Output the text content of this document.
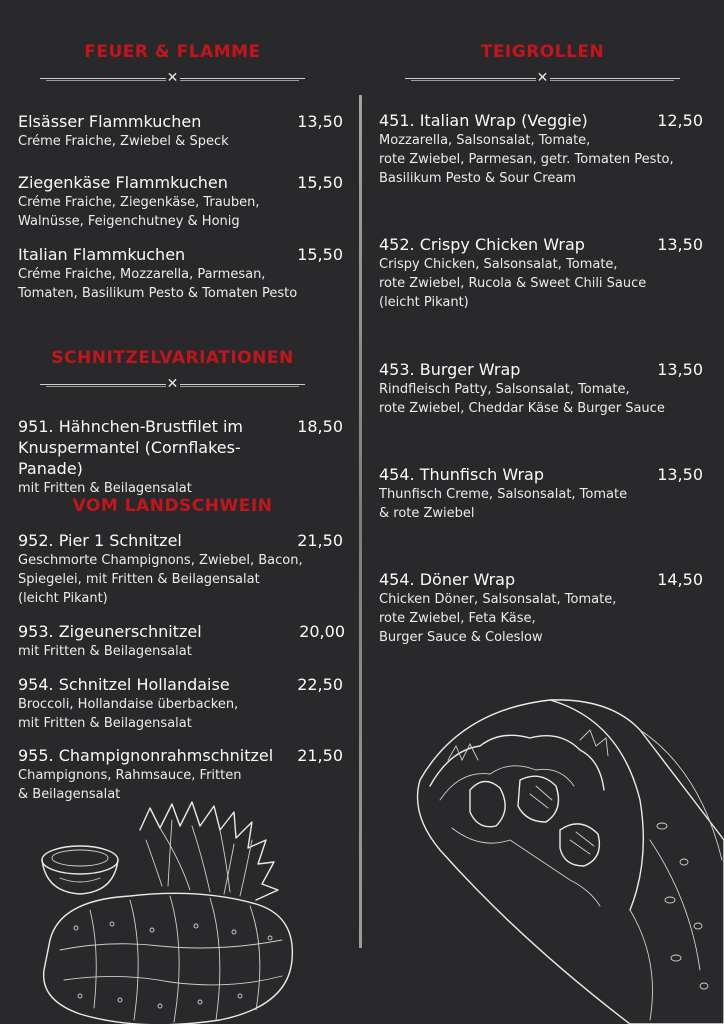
FEUER & FLAMME
✕
Elsässer Flammkuchen	13,50
Créme Fraiche, Zwiebel & Speck
Ziegenkäse Flammkuchen	15,50
Créme Fraiche, Ziegenkäse, Trauben,
Walnüsse, Feigenchutney & Honig
Italian Flammkuchen	15,50
Créme Fraiche, Mozzarella, Parmesan,
Tomaten, Basilikum Pesto & Tomaten Pesto
SCHNITZELVARIATIONEN
✕
951. Hähnchen-Brustfilet im
Knuspermantel (Cornflakes-Panade)
18,50
mit Fritten & Beilagensalat
VOM LANDSCHWEIN
952. Pier 1 Schnitzel	21,50
Geschmorte Champignons, Zwiebel, Bacon,
Spiegelei, mit Fritten & Beilagensalat
(leicht Pikant)
953. Zigeunerschnitzel	20,00
mit Fritten & Beilagensalat
954. Schnitzel Hollandaise	22,50
Broccoli, Hollandaise überbacken,
mit Fritten & Beilagensalat
955. Champignonrahmschnitzel	21,50
Champignons, Rahmsauce, Fritten
& Beilagensalat
TEIGROLLEN
✕
451. Italian Wrap (Veggie)	12,50
Mozzarella, Salsonsalat, Tomate,
rote Zwiebel, Parmesan, getr. Tomaten Pesto,
Basilikum Pesto & Sour Cream
452. Crispy Chicken Wrap	13,50
Crispy Chicken, Salsonsalat, Tomate,
rote Zwiebel, Rucola & Sweet Chili Sauce
(leicht Pikant)
453. Burger Wrap	13,50
Rindfleisch Patty, Salsonsalat, Tomate,
rote Zwiebel, Cheddar Käse & Burger Sauce
454. Thunfisch Wrap	13,50
Thunfisch Creme, Salsonsalat, Tomate
& rote Zwiebel
454. Döner Wrap	14,50
Chicken Döner, Salsonsalat, Tomate,
rote Zwiebel, Feta Käse,
Burger Sauce & Coleslow
